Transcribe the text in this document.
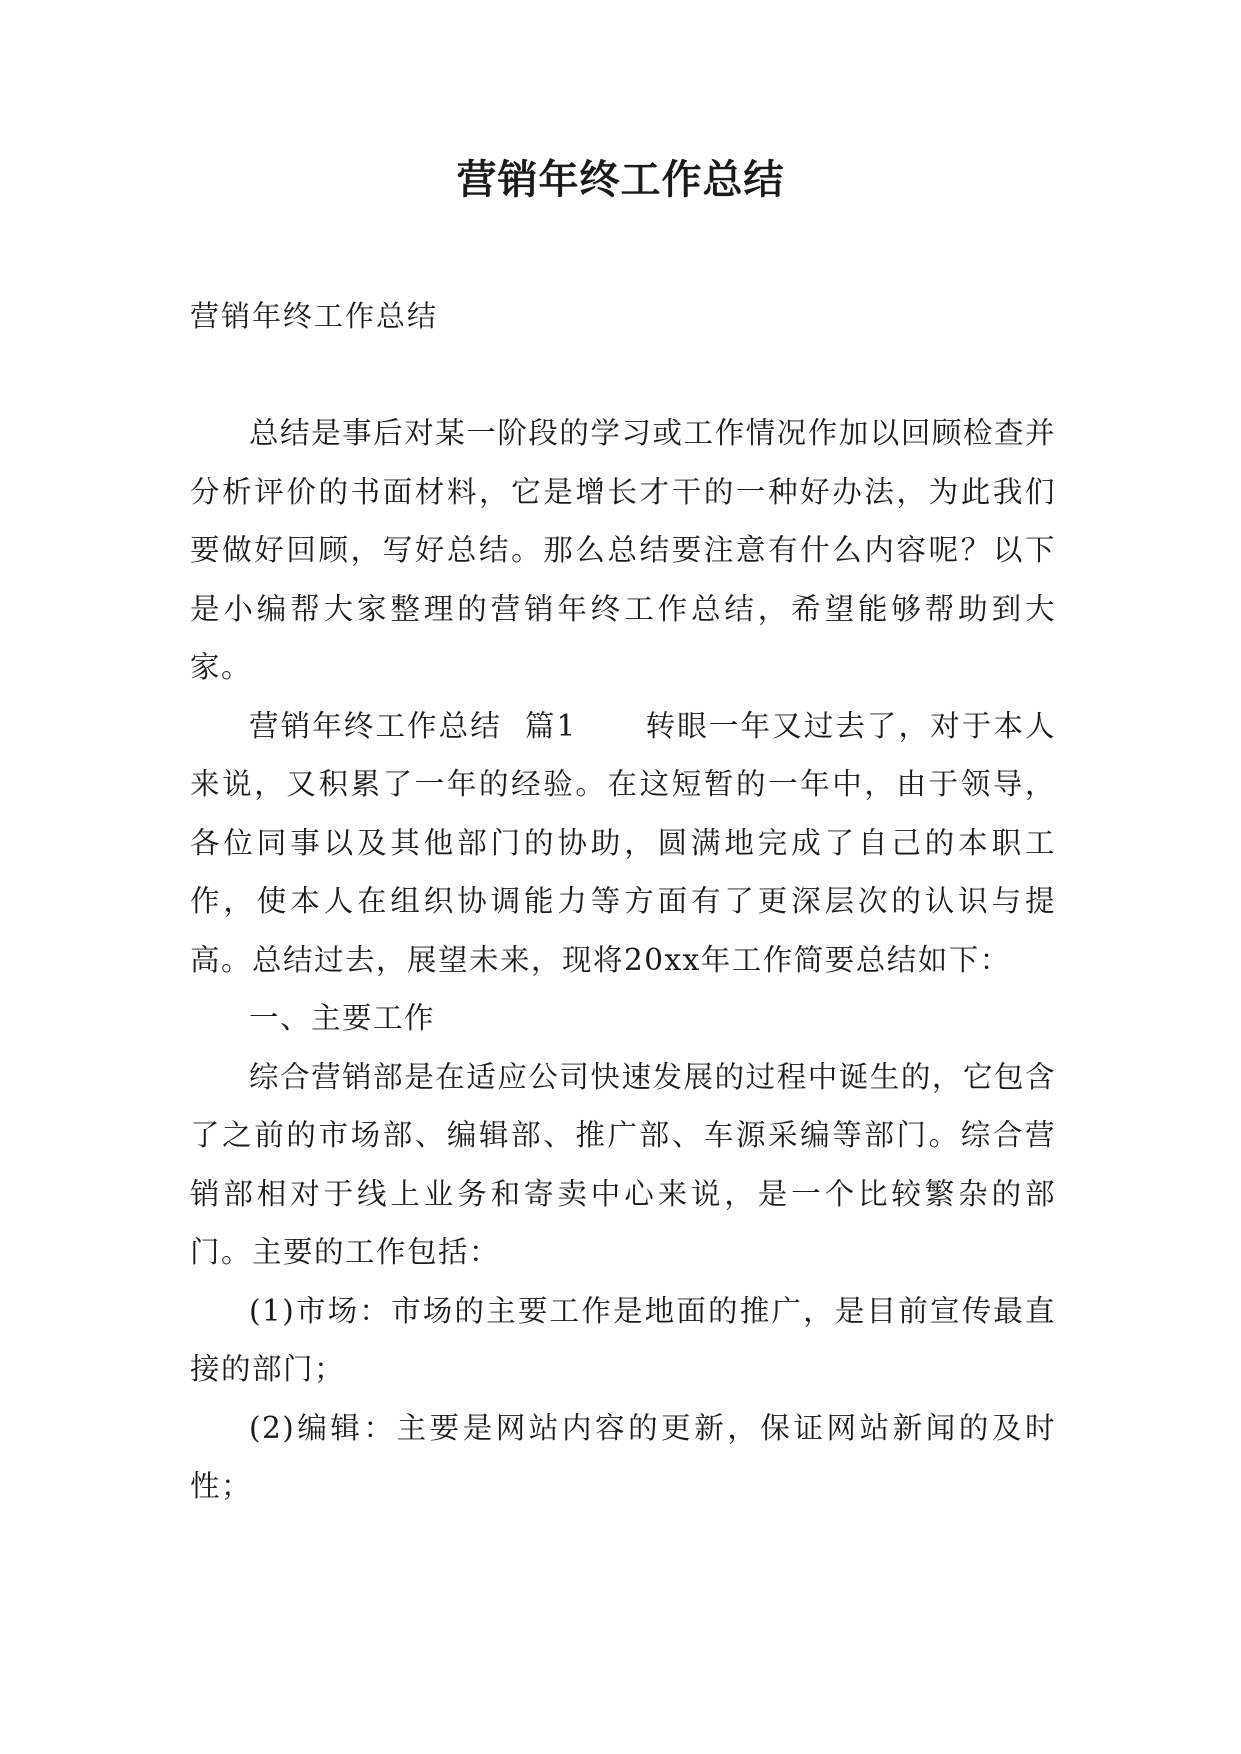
营销年终工作总结

营销年终工作总结

总结是事后对某一阶段的学习或工作情况作加以回顾检查并分析评价的书面材料，它是增长才干的一种好办法，为此我们要做好回顾，写好总结。那么总结要注意有什么内容呢？以下是小编帮大家整理的营销年终工作总结，希望能够帮助到大家。

营销年终工作总结  篇1      转眼一年又过去了，对于本人来说，又积累了一年的经验。在这短暂的一年中，由于领导，各位同事以及其他部门的协助，圆满地完成了自己的本职工作，使本人在组织协调能力等方面有了更深层次的认识与提高。总结过去，展望未来，现将20xx年工作简要总结如下：

一、主要工作

综合营销部是在适应公司快速发展的过程中诞生的，它包含了之前的市场部、编辑部、推广部、车源采编等部门。综合营销部相对于线上业务和寄卖中心来说，是一个比较繁杂的部门。主要的工作包括：

(1)市场：市场的主要工作是地面的推广，是目前宣传最直接的部门；

(2)编辑：主要是网站内容的更新，保证网站新闻的及时性；
